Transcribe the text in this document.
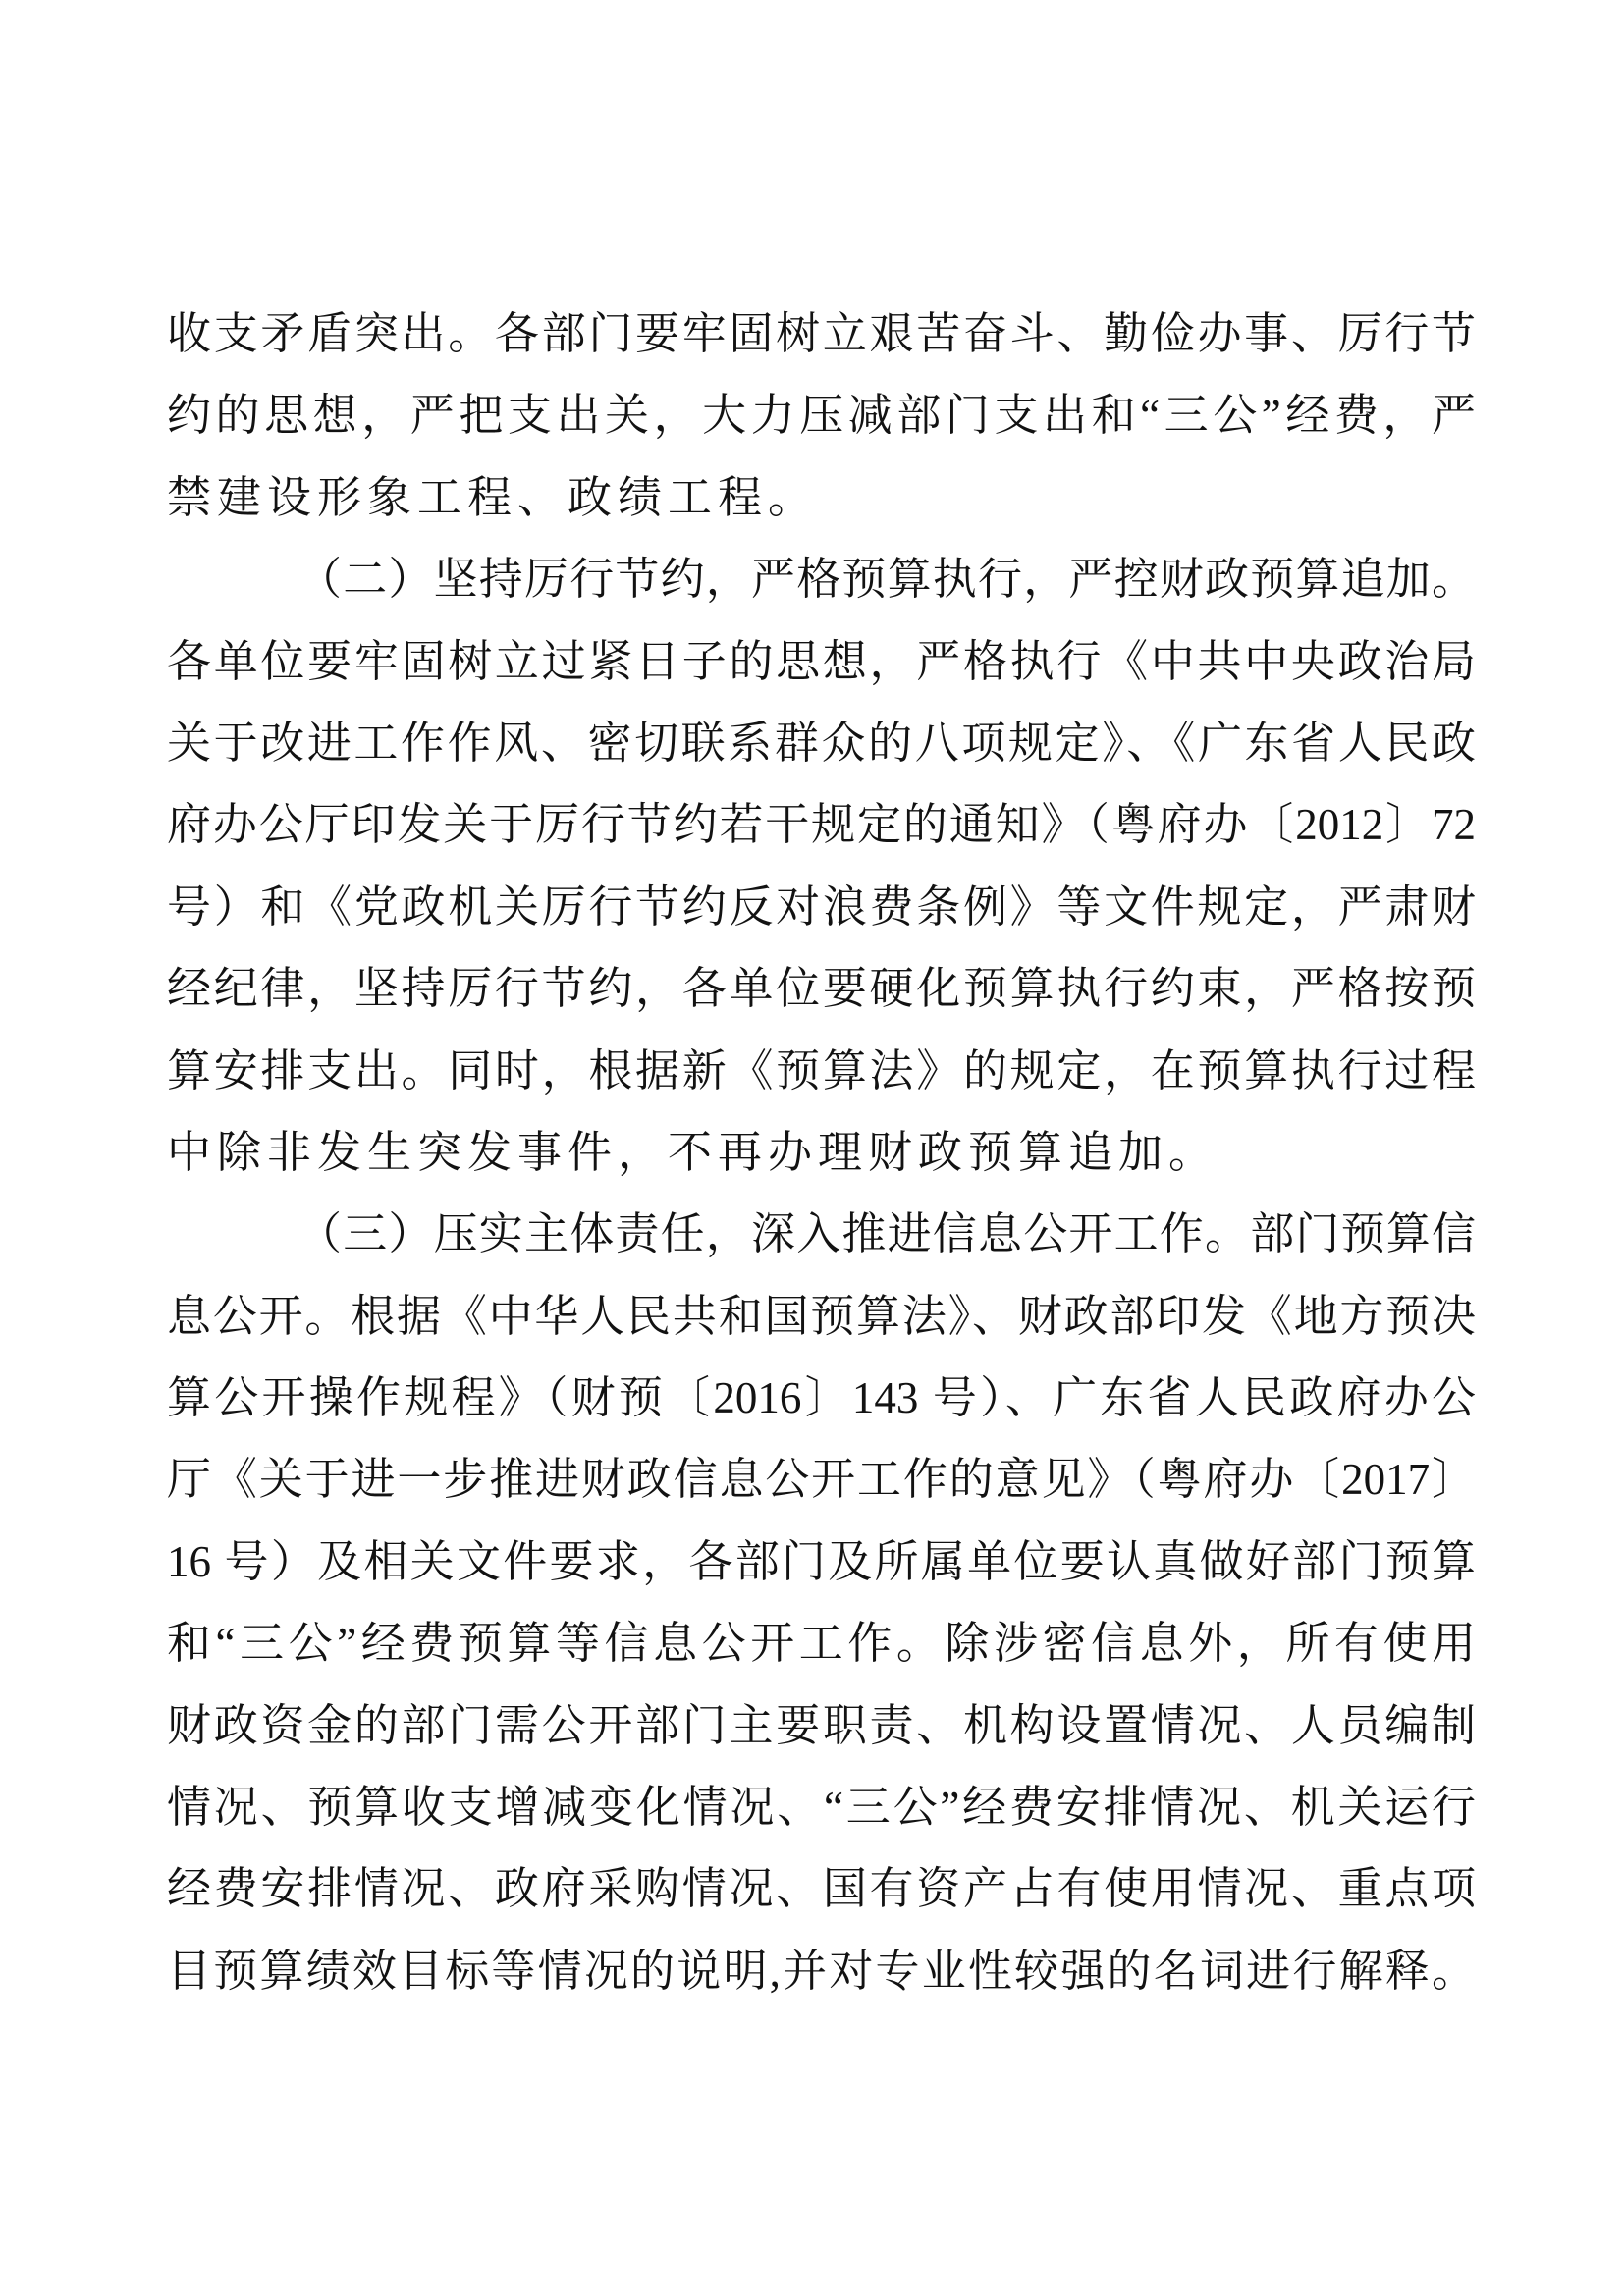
收支矛盾突出。各部门要牢固树立艰苦奋斗、勤俭办事、厉行节
约的思想，严把支出关，大力压减部门支出和“三公”经费，严
禁建设形象工程、政绩工程。
（二）坚持厉行节约，严格预算执行，严控财政预算追加。
各单位要牢固树立过紧日子的思想，严格执行《中共中央政治局
关于改进工作作风、密切联系群众的八项规定》、《广东省人民政
府办公厅印发关于厉行节约若干规定的通知》（粤府办〔2012〕72
号）和《党政机关厉行节约反对浪费条例》等文件规定，严肃财
经纪律，坚持厉行节约，各单位要硬化预算执行约束，严格按预
算安排支出。同时，根据新《预算法》的规定，在预算执行过程
中除非发生突发事件，不再办理财政预算追加。
（三）压实主体责任，深入推进信息公开工作。部门预算信
息公开。根据《中华人民共和国预算法》、财政部印发《地方预决
算公开操作规程》（财预〔2016〕143 号）、广东省人民政府办公
厅《关于进一步推进财政信息公开工作的意见》（粤府办〔2017〕
16 号）及相关文件要求，各部门及所属单位要认真做好部门预算
和“三公”经费预算等信息公开工作。除涉密信息外，所有使用
财政资金的部门需公开部门主要职责、机构设置情况、人员编制
情况、预算收支增减变化情况、“三公”经费安排情况、机关运行
经费安排情况、政府采购情况、国有资产占有使用情况、重点项
目预算绩效目标等情况的说明,并对专业性较强的名词进行解释。
